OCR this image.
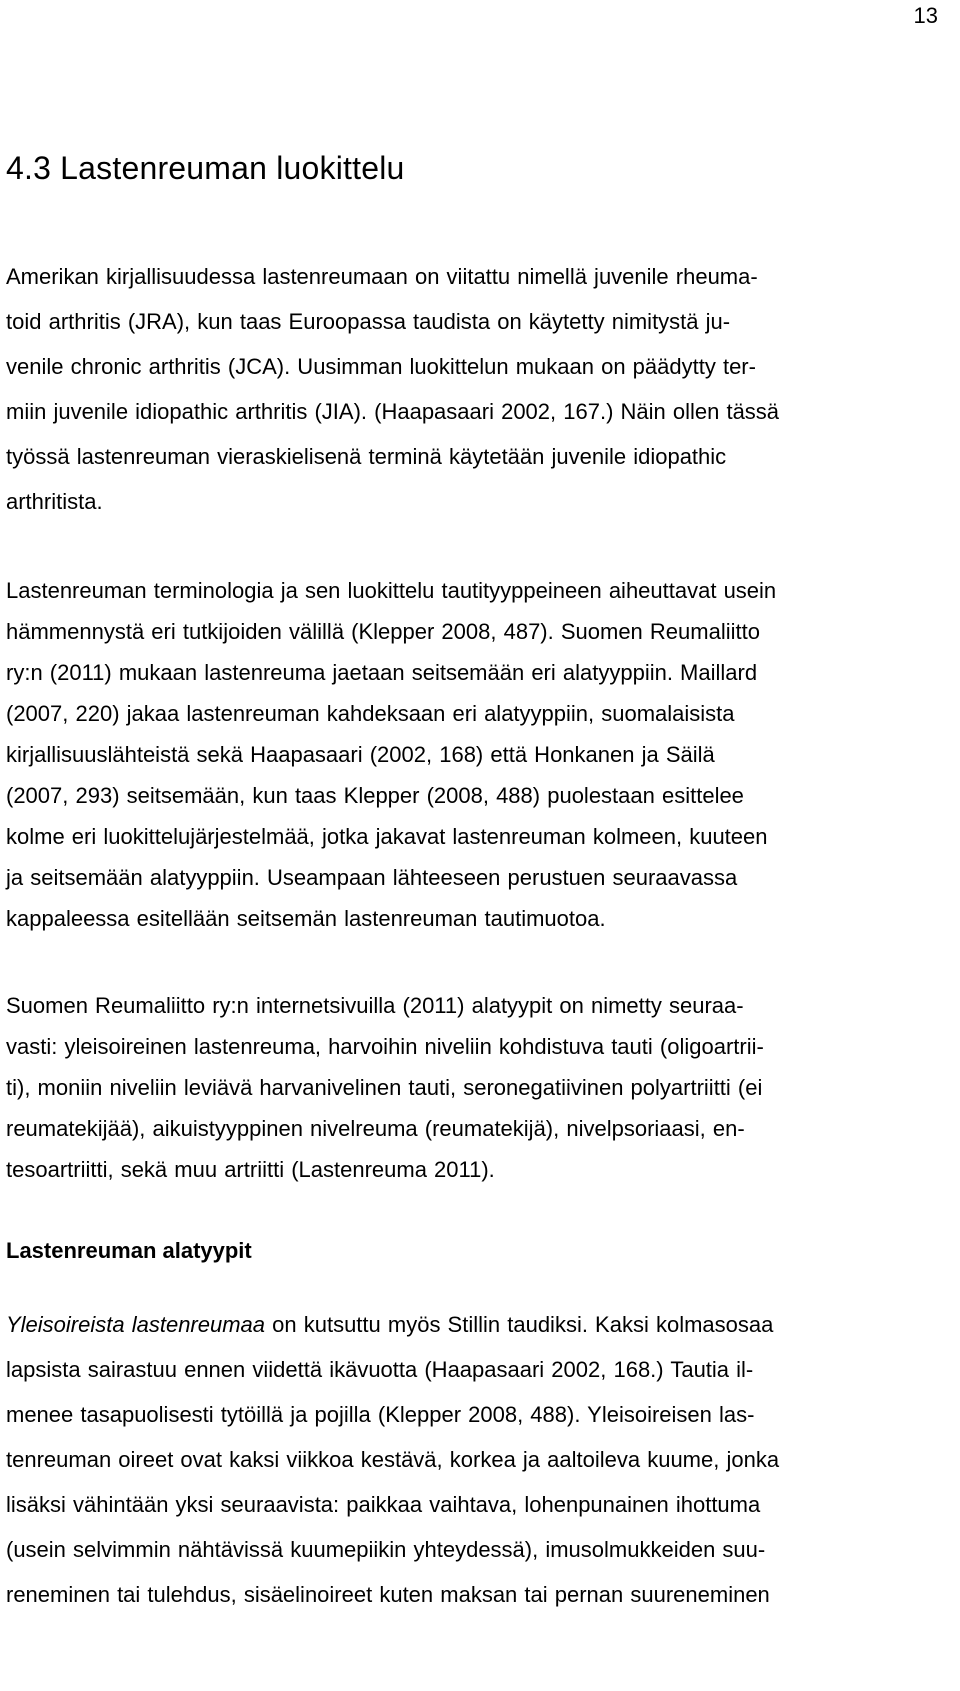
13
4.3 Lastenreuman luokittelu
Amerikan kirjallisuudessa lastenreumaan on viitattu nimellä juvenile rheuma-
toid arthritis (JRA), kun taas Euroopassa taudista on käytetty nimitystä ju-
venile chronic arthritis (JCA). Uusimman luokittelun mukaan on päädytty ter-
miin juvenile idiopathic arthritis (JIA). (Haapasaari 2002, 167.) Näin ollen tässä
työssä lastenreuman vieraskielisenä terminä käytetään juvenile idiopathic
arthritista.
Lastenreuman terminologia ja sen luokittelu tautityyppeineen aiheuttavat usein
hämmennystä eri tutkijoiden välillä (Klepper 2008, 487). Suomen Reumaliitto
ry:n (2011) mukaan lastenreuma jaetaan seitsemään eri alatyyppiin. Maillard
(2007, 220) jakaa lastenreuman kahdeksaan eri alatyyppiin, suomalaisista
kirjallisuuslähteistä sekä Haapasaari (2002, 168) että Honkanen ja Säilä
(2007, 293) seitsemään, kun taas Klepper (2008, 488) puolestaan esittelee
kolme eri luokittelujärjestelmää, jotka jakavat lastenreuman kolmeen, kuuteen
ja seitsemään alatyyppiin. Useampaan lähteeseen perustuen seuraavassa
kappaleessa esitellään seitsemän lastenreuman tautimuotoa.
Suomen Reumaliitto ry:n internetsivuilla (2011) alatyypit on nimetty seuraa-
vasti: yleisoireinen lastenreuma, harvoihin niveliin kohdistuva tauti (oligoartrii-
ti), moniin niveliin leviävä harvanivelinen tauti, seronegatiivinen polyartriitti (ei
reumatekijää), aikuistyyppinen nivelreuma (reumatekijä), nivelpsoriaasi, en-
tesoartriitti, sekä muu artriitti (Lastenreuma 2011).
Lastenreuman alatyypit
Yleisoireista lastenreumaa on kutsuttu myös Stillin taudiksi. Kaksi kolmasosaa
lapsista sairastuu ennen viidettä ikävuotta (Haapasaari 2002, 168.) Tautia il-
menee tasapuolisesti tytöillä ja pojilla (Klepper 2008, 488). Yleisoireisen las-
tenreuman oireet ovat kaksi viikkoa kestävä, korkea ja aaltoileva kuume, jonka
lisäksi vähintään yksi seuraavista: paikkaa vaihtava, lohenpunainen ihottuma
(usein selvimmin nähtävissä kuumepiikin yhteydessä), imusolmukkeiden suu-
reneminen tai tulehdus, sisäelinoireet kuten maksan tai pernan suureneminen
